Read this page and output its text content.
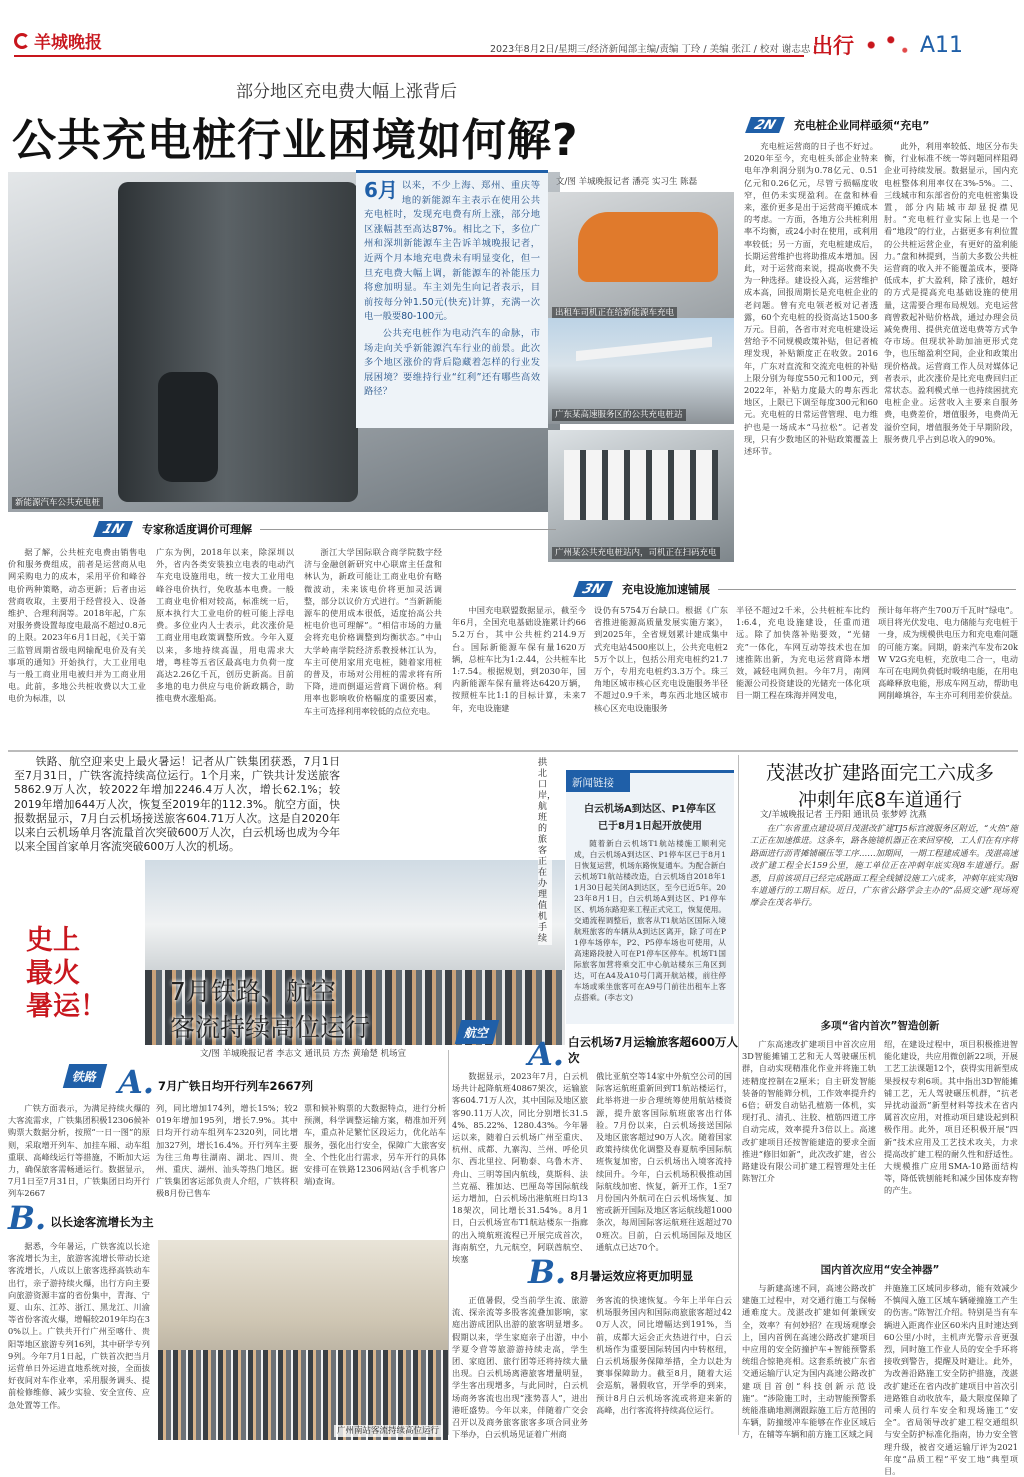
羊城晚报	2023年8月2日/星期三/经济新闻部主编/责编 丁玲 / 美编 张江 / 校对 谢志忠 出行	A11
部分地区充电费大幅上涨背后
公共充电桩行业困境如何解?
新能源汽车公共充电桩
6月 以来，不少上海、郑州、重庆等地的新能源车主表示在使用公共充电桩时，发现充电费有所上涨，部分地区涨幅甚至高达87%。相比之下，多位广州和深圳新能源车主告诉羊城晚报记者，近两个月本地充电费未有明显变化，但一旦充电费大幅上调，新能源车的补能压力将愈加明显。车主刘先生向记者表示，目前按每分钟1.50元(快充)计算，充满一次电一般要80-100元。

公共充电桩作为电动汽车的命脉，市场走向关乎新能源汽车行业的前景。此次多个地区涨价的背后隐藏着怎样的行业发展困境？要维持行业“红利”还有哪些高效路径？

文/图 羊城晚报记者 潘亮 实习生 陈磊
出租车司机正在给新能源车充电
广东某高速服务区的公共充电桩站
广州某公共充电桩站内，司机正在扫码充电
1N	专家称适度调价可理解
据了解，公共桩充电费由销售电价和服务费组成，前者是运营商从电网采购电力的成本，采用平价和峰谷电价两种策略，动态更新；后者由运营商收取，主要用于经营投入、设备维护、合理利润等。2018年起，广东对服务费设置每度电最高不超过0.8元的上限。2023年6月1日起，《关于第三监管周期省级电网输配电价及有关事项的通知》开始执行，大工业用电与一般工商业用电被归并为工商业用电。此前，多地公共桩收费以大工业电价为标准，以
广东为例，2018年以来，除深圳以外，省内各类安装独立电表的电动汽车充电设施用电，统一按大工业用电峰谷电价执行，免收基本电费。一般工商业电价相对较高，标准统一后，原本执行大工业电价的桩可能上浮电费。多位业内人士表示，此次涨价是工商业用电政策调整所致。今年入夏以来，多地持续高温，用电需求大增，粤桂等五省区最高电力负荷一度高达2.26亿千瓦，创历史新高。目前多地的电力供应与电价新政耦合，助推电费水涨船高。
浙江大学国际联合商学院数字经济与金融创新研究中心联席主任盘和林认为，新政可能让工商业电价有略微波动，未来该电价将更加灵活调整，部分以议价方式进行。“当新新能源车的使用成本很低，适度抬高公共桩电价也可理解”。“相信市场的力量会将充电价格调整到均衡状态。”中山大学岭南学院经济系教授林江认为，车主可使用家用充电桩，随着家用桩的普及，市场对公用桩的需求将有所下降，进而倒逼运营商下调价格。利用率也影响收价格幅度的重要因素，车主可选择利用率较低的点位充电。
2N	充电桩企业同样亟须“充电”
充电桩运营商的日子也不好过。2020年至今，充电桩头部企业特来电年净利润分别为0.78亿元、0.51亿元和0.26亿元，尽管亏损幅度收窄，但仍未实现盈利。在盘和林看来，涨价更多是出于运营商平摊成本的考虑。一方面，各地方公共桩利用率不均衡，或24小时在使用，或利用率较低；另一方面，充电桩建成后，长期运营维护也将助推成本增加。因此，对于运营商来说，提高收费不失为一种选择。建设投入高，运营维护成本高，回报周期长是充电桩企业的老问题。曾有充电领老板对记者透露，60个充电桩的投资高达1500多万元。目前，各省市对充电桩建设运营给予不同规模政策补贴，但记者梳理发现，补贴额度正在收敛。2016年，广东对直流和交流充电桩的补贴上限分别为每度550元和100元，到2022年，补贴力度最大的粤东西北地区，上限已下调至每度300元和60元。充电桩的日常运营管理、电力维护也是一场成本“马拉松”。记者发现，只有少数地区的补贴政策覆盖上述环节。
此外，利用率较低、地区分布失衡，行业标准不统一等问题同样阻碍企业可持续发展。数据显示，国内充电桩整体利用率仅在3%-5%。二、三线城市和东部省份的充电桩密集设置，部分内陆城市却显捉襟见肘。“充电桩行业实际上也是一个看“地段”的行业，占据更多有利位置的公共桩运营企业，有更好的盈利能力。”盘和林提到，当前大多数公共桩运营商的收入并不能覆盖成本，要降低成本，扩大盈利，除了涨价，越好的方式是提高充电基础设施的使用量，这需要合理布局规划。充电运营商曾救起补贴价格战，通过办理会员减免费用、提供充值送电费等方式争夺市场。但现状补助加油更形式竞争，也压缩盈利空间，企业和政策出现价格战。运营商工作人员对媒体记者表示，此次涨价是比充电费回归正常状态。盈利模式单一也持续困扰充电桩企业。运营收入主要来自服务费，电费差价，增值服务，电费尚无溢价空间，增值服务处于早期阶段，服务费几乎占到总收入的90%。
3N	充电设施加速铺展
中国充电联盟数据显示，截至今年6月，全国充电基础设施累计约665.2万台，其中公共桩约214.9万台。国际新能源车保有量1620万辆，总桩车比为1:2.44，公共桩车比1:7.54。根据规划，到2030年，国内新能源车保有量将达6420万辆，按照桩车比1:1的目标计算，未来7年，充电设施建
设仍有5754万台缺口。根据《广东省推进能源高质量发展实施方案》，到2025年，全省规划累计建成集中式充电站4500座以上，公共充电桩25万个以上，包括公用充电桩约21.7万个，专用充电桩约3.3万个。珠三角地区城市核心区充电设施服务半径不超过0.9千米，粤东西北地区城市核心区充电设施服务
半径不超过2千米，公共桩桩车比约1:6.4，充电设施建设，任重而道远。除了加快落补贴要效，“光储充”一体化，车网互动等技术也在加速推陈出新，为充电运营商降本增效，减轻电网负担。今年7月，南网能源公司投资建设的光储充一体化项目一期工程在珠海并网发电，
预计每年将产生700万千瓦时“绿电”。项目将光伏发电、电力储能与充电桩于一身，成为规模供电压力和充电难问题的可能方案。同期，蔚来汽车发布20kW V2G充电桩，充放电二合一，电动车可在电网负荷低时吸纳电能，在用电高峰释放电能，形成车网互动，帮助电网削峰填谷，车主亦可利用差价获益。
铁路、航空迎来史上最火暑运！记者从广铁集团获悉，7月1日至7月31日，广铁客流持续高位运行。1个月来，广铁共计发送旅客5862.9万人次，较2022年增加2246.4万人次，增长62.1%；较2019年增加644万人次，恢复至2019年的112.3%。航空方面，快报数据显示，7月白云机场接送旅客604.71万人次。这是自2020年以来白云机场单月客流量首次突破600万人次，白云机场也成为今年以来全国首家单月客流突破600万人次的机场。
史上
最火
暑运！
拱北口岸，航班的旅客正在办理值机手续
7月铁路、航空
客流持续高位运行
文/图 羊城晚报记者 李志文 通讯员 方杰 黄瑜楚 机场宣
铁路 A. 7月广铁日均开行列车2667列
广铁方面表示，为满足持续火爆的大客流需求，广铁集团积极12306候补购票大数据分析，按照“一日一图”的原则，采取增开列车、加挂车厢、动车组重联、高峰线运行等措施，不断加大运力，确保旅客需畅通运行。数据显示，7月1日至7月31日，广铁集团日均开行列车2667
列，同比增加174列，增长15%；较2019年增加195列，增长7.9%。其中日均开行动车组列车2320列，同比增加327列，增长16.4%。开行列车主要为往三角粤往湖南、湖北、四川、贵州、重庆、湖州、汕头等热门地区。据广铁集团客运部负责人介绍，广铁将积极8月份已售车
票和候补购票的大数据特点，进行分析预测，科学调整运输方案，精准加开列车，重点补足繁忙区段运力，优化站车服务，强化出行安全，保障广大旅客安全、个性化出行需求，另车开行的具体安排可在铁路12306网站(含手机客户端)查询。
B. 以长途客流增长为主
据悉，今年暑运，广铁客流以长途客流增长为主，旅游客流增长带动长途客流增长，八成以上旅客选择高铁动车出行，亲子游持续火爆，出行方向主要向旅游资源丰富的省份集中，青海、宁夏、山东、江苏、浙江、黑龙江、川渝等省份客流火爆，增幅较2019年均在30%以上。广铁共开行广州至喀什、贵阳等地区旅游专列16列，其中研学专列9列。今年7月1日起，广铁首次把当月运营单日外运进直地系统对接，全面拔好夜间对车作业率，采用服务调头、提前检修维修、减少实验、安全宣传、应急处置等工作。
广州南站客流持续高位运行
航空
A. 白云机场7月运输旅客超600万人次
数据显示，2023年7月，白云机场共计起降航班40867架次，运输旅客604.71万人次，其中国际及地区旅客90.11万人次，同比分别增长31.54%、85.22%、1280.43%。今年暑运以来，随着白云机场广州至重庆、杭州、成都、九寨沟、兰州、呼伦贝尔、西北里拉、阿勒泰、乌鲁木齐、舟山、三明等国内航线，莫斯科、法兰克福、雅加达、巴厘岛等国际航线运力增加，白云机场出港航班日均1318架次，同比增长31.54%。8月1日，白云机场宣布T1航站楼东一指廊的出入境航班流程已开展完成首次，海南航空，九元航空，阿联酋航空、埃塞
俄比亚航空等14家中外航空公司的国际客运航班重新回到T1航站楼运行，此举将进一步合理统筹使用航站楼资源，提升旅客国际航班旅客出行体验。7月份以来，白云机场接送国际及地区旅客超过90万人次。随着国家政策持续优化调整及春夏航季国际航班恢复加密，白云机场出入境客流持续回升。今年，白云机场积极推动国际航线加密、恢复，新开工作，1至7月份国内外航司在白云机场恢复、加密或新开国际及地区客运航线超1000条次，每周国际客运航班往返超过700班次。目前，白云机场国际及地区通航点已达70个。
B. 8月暑运效应将更加明显
正值暑假，受当前学生流、旅游流、探亲流等多股客流叠加影响，家庭出游成团队出游的旅客明显增多。假期以来，学生家庭亲子出游，中小学夏令营等旅游游持续走高，学生团、家庭团、旅行团等还将持续大量出现。白云机场离港旅客增量明显，学生客出现增多，与此同时，白云机场商务客流也出现“涨势喜人”，进出港旺盛势。今年以来，伴随着广交会召开以及商务旅客旅客多项合同业务下举办，白云机场见证着广州商
务客流的快速恢复。今年上半年白云机场服务国内和国际商旅旅客超过420万人次，同比增幅达到191%，当前，成都大运会正火热进行中，白云机场作为重要国际转国内中转枢纽，白云机场服务保障举措，全力以赴为赛事保障助力。截至8月，随着大运会巡航，暑假收官，开学季的到来，预计8月白云机场客流或将迎来新的高峰，出行客流将持续高位运行。
新闻链接
白云机场A到达区、P1停车区
已于8月1日起开放使用
随着新白云机场T1航站楼施工顺利完成，白云机场A到达区、P1停车区已于8月1日恢复运营，机场东路恢复通车。为配合新白云机场T1航站楼改造，白云机场自2018年11月30日起关闭A到达区，至今已近5年。2023年8月1日，白云机场A到达区、P1停车区、机场东路迎来工程正式完工，恢复使用。交通流程调整后，旅客从T1航站区国际入境航班旅客的车辆从A到达区离开，除了可在P1停车场停车，P2、P5停车场也可使用，从高速路段驶入可在P1停车区停车。机场T1国际旅客加营将乘交汇中心航站楼东三角区到达，可在A4及A10号门离开航站楼，前往停车场或乘坐旅客可在A9号门前往出租车上客点搭乘。(李志文)
茂湛改扩建路面完工六成多
冲刺年底8车道通行
文/羊城晚报记者 王丹阳 通讯员 张梦婷 沈燕
在广东省重点建设项目茂湛改扩建TJ5标宫渡服务区附近，“火热”施工正在加速推进。这条车，路各施镜机器正在来回穿梭，工人们在有序将路面进行沥青摊铺碾压等工序……加期间，一期工程建成通车。茂湛高速改扩建工程全长159公里，施工单位正在冲刺年底实现8车道通行。据悉，目前该项目已经完成路面工程全线铺设施工六成多，冲刺年底实现8车道通行的工期目标。近日，广东省公路学会主办的“品质交通”现场观摩会在茂名举行。
多项“省内首次”智造创新
广东高速改扩建项目中首次应用3D智能摊铺工艺和无人驾驶碾压机群，自动实现精准化作业并将施工轨迹精度控制在2厘米；自主研发智能装备的智能筛分机，工作效率提升约6倍；研发自动钻孔植筋一体机，实现打孔、清孔、注胶、植筋四道工序自动完成，效率提升3倍以上。高速改扩建项目还按智能建造的要求全面推进“修旧如新”，此次改扩建，省公路建设有限公司扩建工程管理处主任陈智江介
绍，在建设过程中，项目积极推进智能化建设，共应用微创新22项，开展工艺工法课题12个，获得实用新型成果授权专利6项。其中指出3D智能摊铺工艺，无人驾驶碾压机群，“抗老异扰动溢沥”新型材料等技术在省内属首次应用，对推动项目建设起到积极作用。此外，项目还积极开展“四新”技术应用及工艺技术攻关，力求提高改扩建工程的耐久性和舒适性。大规模推广应用SMA-10路面结构等，降低铣刨能耗和减少国体废弃物的产生。
国内首次应用“安全神器”
与新建高速不同，高速公路改扩建施工过程中，对交通行施工与保畅通难度大。茂湛改扩建如何兼顾安全，效率？有何妙招？在现场观摩会上，国内首例在高速公路改扩建项目中应用的安全防撞护车+智能预警系统组合惊艳亮相。这套系统被广东省交通运输厅认定为国内高速公路改扩建项目首创“科技创新示范设施”。“涉险施工时，主动智能预警系统能准确地测测跟踪施工后方范围的车辆，防撞缓冲车能够在作业区域后方，在辅等车辆和前方施工区域之间
并施施工区域同步移动，能有效减少不慎闯入施工区域车辆碰撞施工产生的伤害。”陈智江介绍。特别是当有车辆进入距离作业区60米内且时速达到60公里/小时，主机声光警示音更强烈，同时施工作业人员的安全手环将接收到警告，提醒及时避让。此外，为改善沿路施工安全防护措施，茂湛改扩建还在省内改扩建项目中首次引进路锥自动收放车，最大限度保障了司乘人员行车安全和现场施工“安全”。省局领导改扩建工程交通组织与安全防护标准化指南，协力安全管理升级，被省交通运输厅评为2021年度“品质工程”平安工地”典型项目。
